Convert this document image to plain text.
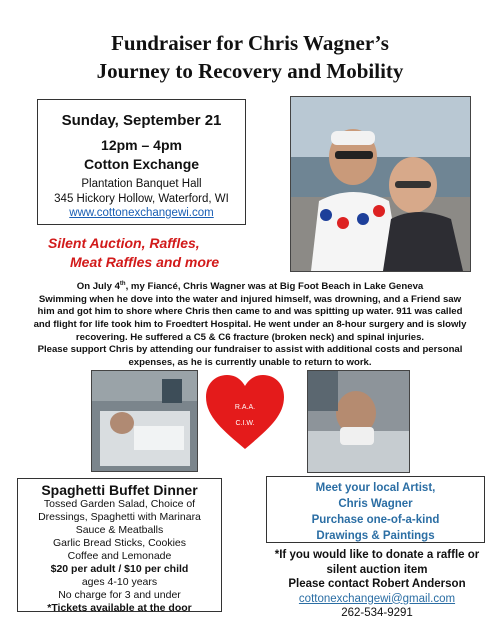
Fundraiser for Chris Wagner’s
Journey to Recovery and Mobility
Sunday, September 21
12pm – 4pm
Cotton Exchange
Plantation Banquet Hall
345 Hickory Hollow, Waterford, WI
www.cottonexchangewi.com
Silent Auction, Raffles,
Meat Raffles and more
On July 4th, my Fiancé, Chris Wagner was at Big Foot Beach in Lake Geneva
Swimming when he dove into the water and injured himself, was drowning, and a Friend saw
him and got him to shore where Chris then came to and was spitting up water. 911 was called
and flight for life took him to Froedtert Hospital. He went under an 8-hour surgery and is slowly
recovering. He suffered a C5 & C6 fracture (broken neck) and spinal injuries.
Please support Chris by attending our fundraiser to assist with additional costs and personal
expenses, as he is currently unable to return to work.
R.A.A.
C.I.W.
Spaghetti Buffet Dinner
Tossed Garden Salad, Choice of
Dressings, Spaghetti with Marinara
Sauce & Meatballs
Garlic Bread Sticks, Cookies
Coffee and Lemonade
$20 per adult / $10 per child
ages 4-10 years
No charge for 3 and under
*Tickets available at the door
Meet your local Artist,
Chris Wagner
Purchase one-of-a-kind
Drawings & Paintings
*If you would like to donate a raffle or
silent auction item
Please contact Robert Anderson
cottonexchangewi@gmail.com
262-534-9291
